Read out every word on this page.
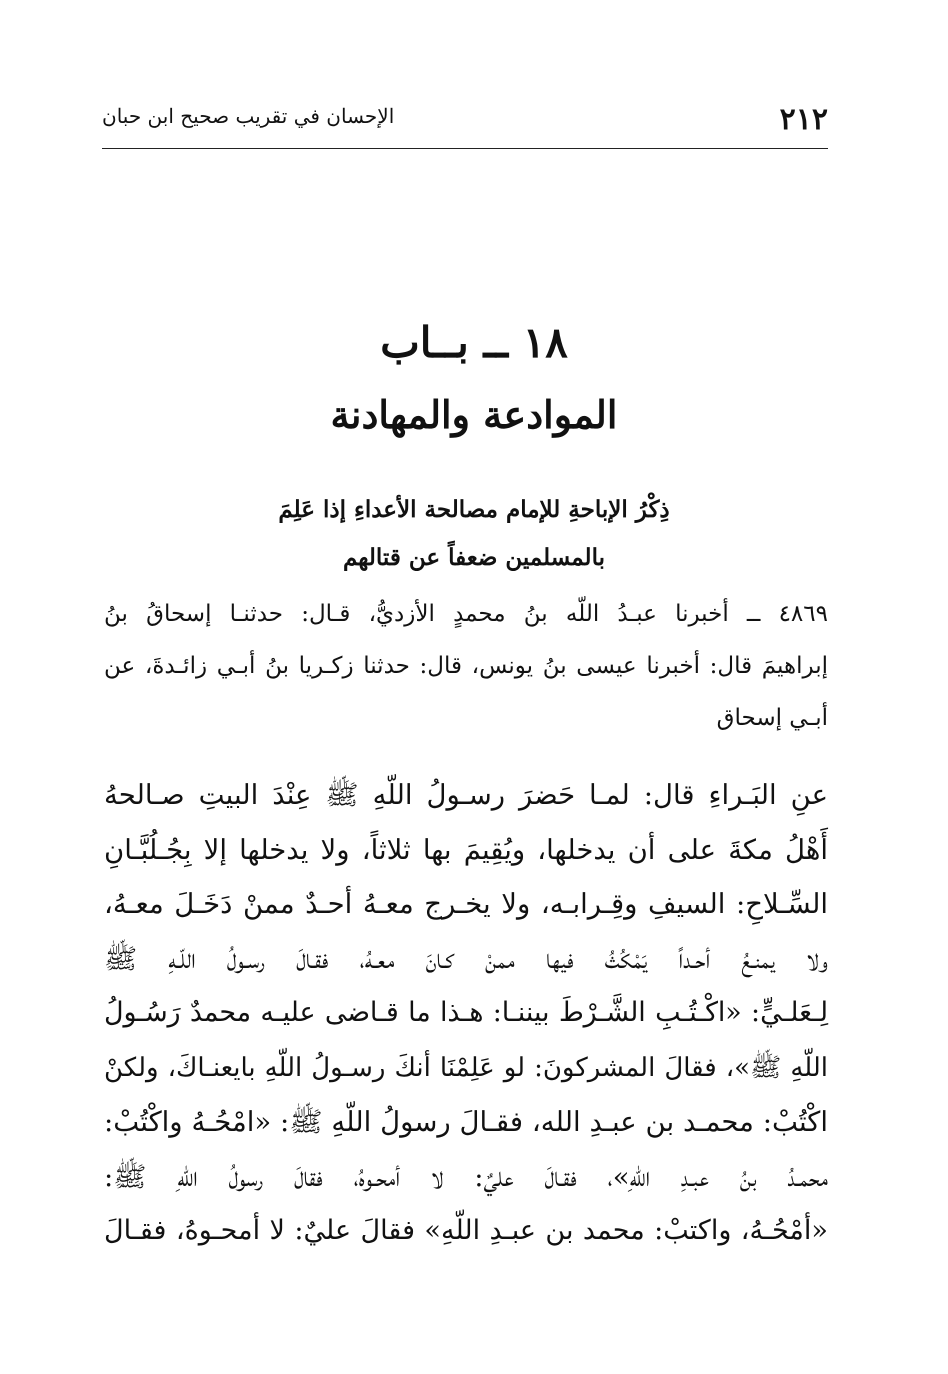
٢١٢
الإحسان في تقريب صحيح ابن حبان
١٨ ــ بــاب
الموادعة والمهادنة
ذِكْرُ الإباحةِ للإمام مصالحة الأعداءِ إذا عَلِمَ
بالمسلمين ضعفاً عن قتالهم
٤٨٦٩ ــ أخبرنا عبـدُ اللّه بنُ محمدٍ الأزديُّ، قـال: حدثنـا إسحاقُ بنُ
إبراهيمَ قال: أخبرنا عيسى بنُ يونس، قال: حدثنا زكـريا بنُ أبـي زائـدةَ، عن
أبـي إسحاق
عنِ البَـراءِ قال: لمـا حَضرَ رسـولُ اللّهِ ﷺ عِنْدَ البيتِ صـالحهُ
أَهْلُ مكةَ على أن يدخلها، ويُقِيمَ بها ثلاثاً، ولا يدخلها إلا بِجُـلُبَّـانِ
السِّـلاحِ: السيفِ وقِـرابـه، ولا يخـرج معـهُ أحـدٌ ممنْ دَخَـلَ معـهُ،
ولا يمنـعُ أحـداً يَمْكُثُ فيها ممنْ كـانَ معـهُ، فقـالَ رسـولُ اللّـهِ ﷺ
لِـعَلـيٍّ: «اكْـتُـبِ الشَّـرْطَ بيننـا: هـذا ما قـاضى عليـه محمدٌ رَسُـولُ
اللّهِ ﷺ»، فقالَ المشركونَ: لو عَلِمْنَا أنكَ رسـولُ اللّهِ بايعنـاكَ، ولكنْ
اكْتُبْ: محمـد بن عبـدِ الله، فقـالَ رسولُ اللّهِ ﷺ: «امْحُـهُ واكْتُبْ:
محمـدُ بنُ عبـدِ اللّهِ»، فقـالَ عليٌ: لا أمحـوهُ، فقالَ رسولُ اللّهِ ﷺ:
«أمْحُـهُ، واكتبْ: محمد بن عبـدِ اللّهِ» فقالَ عليٌ: لا أمحـوهُ، فقـالَ
